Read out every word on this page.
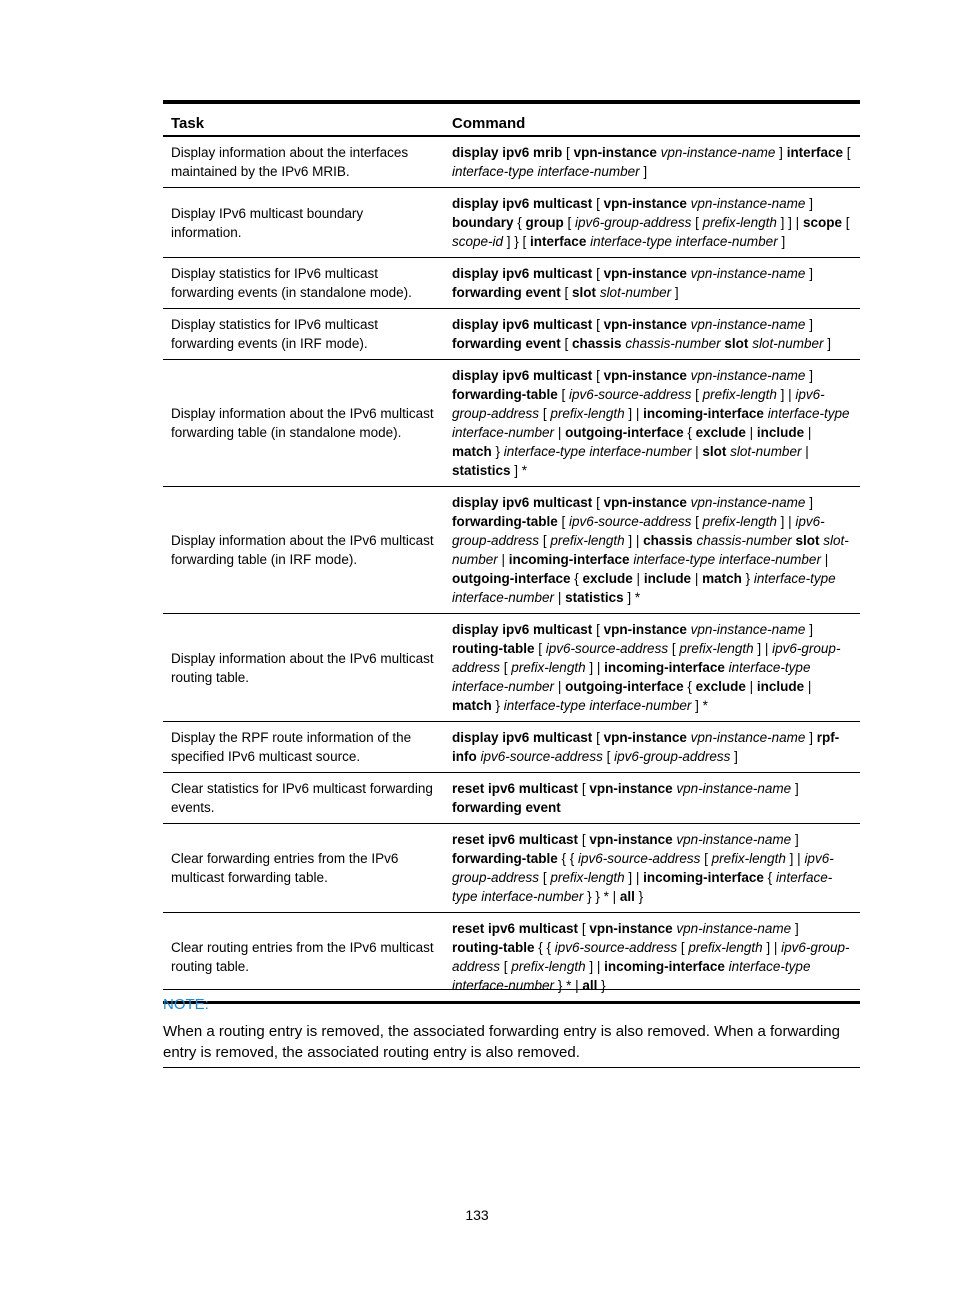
Task	Command
Display information about the interfaces maintained by the IPv6 MRIB.	display ipv6 mrib [ vpn-instance vpn-instance-name ] interface [ interface-type interface-number ]
Display IPv6 multicast boundary information.	display ipv6 multicast [ vpn-instance vpn-instance-name ] boundary { group [ ipv6-group-address [ prefix-length ] ] | scope [ scope-id ] } [ interface interface-type interface-number ]
Display statistics for IPv6 multicast forwarding events (in standalone mode).	display ipv6 multicast [ vpn-instance vpn-instance-name ] forwarding event [ slot slot-number ]
Display statistics for IPv6 multicast forwarding events (in IRF mode).	display ipv6 multicast [ vpn-instance vpn-instance-name ] forwarding event [ chassis chassis-number slot slot-number ]
Display information about the IPv6 multicast forwarding table (in standalone mode).	display ipv6 multicast [ vpn-instance vpn-instance-name ] forwarding-table [ ipv6-source-address [ prefix-length ] | ipv6-group-address [ prefix-length ] | incoming-interface interface-type interface-number | outgoing-interface { exclude | include | match } interface-type interface-number | slot slot-number | statistics ] *
Display information about the IPv6 multicast forwarding table (in IRF mode).	display ipv6 multicast [ vpn-instance vpn-instance-name ] forwarding-table [ ipv6-source-address [ prefix-length ] | ipv6-group-address [ prefix-length ] | chassis chassis-number slot slot-number | incoming-interface interface-type interface-number | outgoing-interface { exclude | include | match } interface-type interface-number | statistics ] *
Display information about the IPv6 multicast routing table.	display ipv6 multicast [ vpn-instance vpn-instance-name ] routing-table [ ipv6-source-address [ prefix-length ] | ipv6-group-address [ prefix-length ] | incoming-interface interface-type interface-number | outgoing-interface { exclude | include | match } interface-type interface-number ] *
Display the RPF route information of the specified IPv6 multicast source.	display ipv6 multicast [ vpn-instance vpn-instance-name ] rpf-info ipv6-source-address [ ipv6-group-address ]
Clear statistics for IPv6 multicast forwarding events.	reset ipv6 multicast [ vpn-instance vpn-instance-name ] forwarding event
Clear forwarding entries from the IPv6 multicast forwarding table.	reset ipv6 multicast [ vpn-instance vpn-instance-name ] forwarding-table { { ipv6-source-address [ prefix-length ] | ipv6-group-address [ prefix-length ] | incoming-interface { interface-type interface-number } } * | all }
Clear routing entries from the IPv6 multicast routing table.	reset ipv6 multicast [ vpn-instance vpn-instance-name ] routing-table { { ipv6-source-address [ prefix-length ] | ipv6-group-address [ prefix-length ] | incoming-interface interface-type interface-number } * | all }
NOTE:
When a routing entry is removed, the associated forwarding entry is also removed. When a forwarding entry is removed, the associated routing entry is also removed.
133
